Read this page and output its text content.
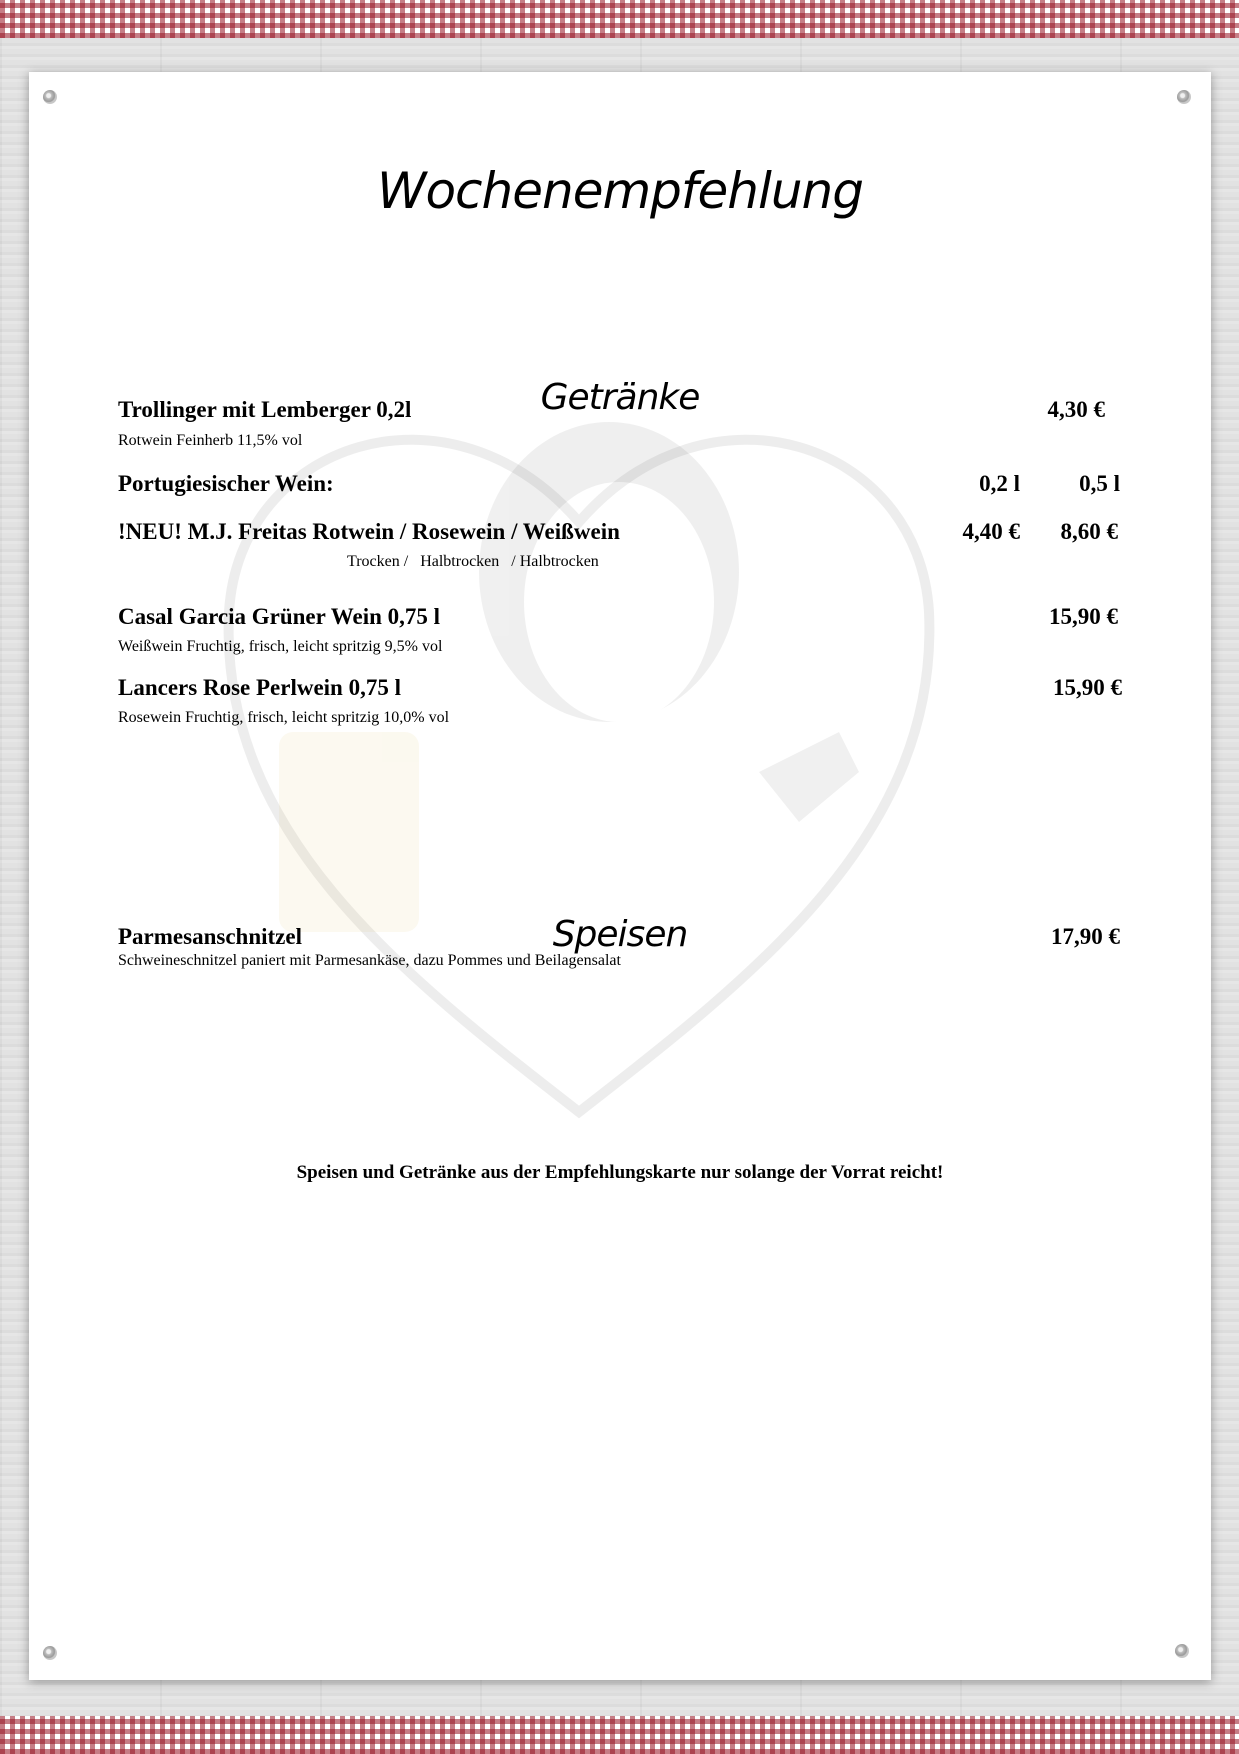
Wochenempfehlung
Getränke

Trollinger mit Lemberger 0,2l

Rotwein Feinherb 11,5% vol

4,30 €

Portugiesischer Wein:	0,2 l	0,5 l

!NEU! M.J. Freitas Rotwein / Rosewein / Weißwein

Trocken /   Halbtrocken   / Halbtrocken

4,40 € 8,60 €

Casal Garcia Grüner Wein 0,75 l

Weißwein Fruchtig, frisch, leicht spritzig 9,5% vol

15,90 €

Lancers Rose Perlwein 0,75 l

Rosewein Fruchtig, frisch, leicht spritzig 10,0% vol

15,90 €

Speisen

Parmesanschnitzel

Schweineschnitzel paniert mit Parmesankäse, dazu Pommes und Beilagensalat

17,90 €

Speisen und Getränke aus der Empfehlungskarte nur solange der Vorrat reicht!
